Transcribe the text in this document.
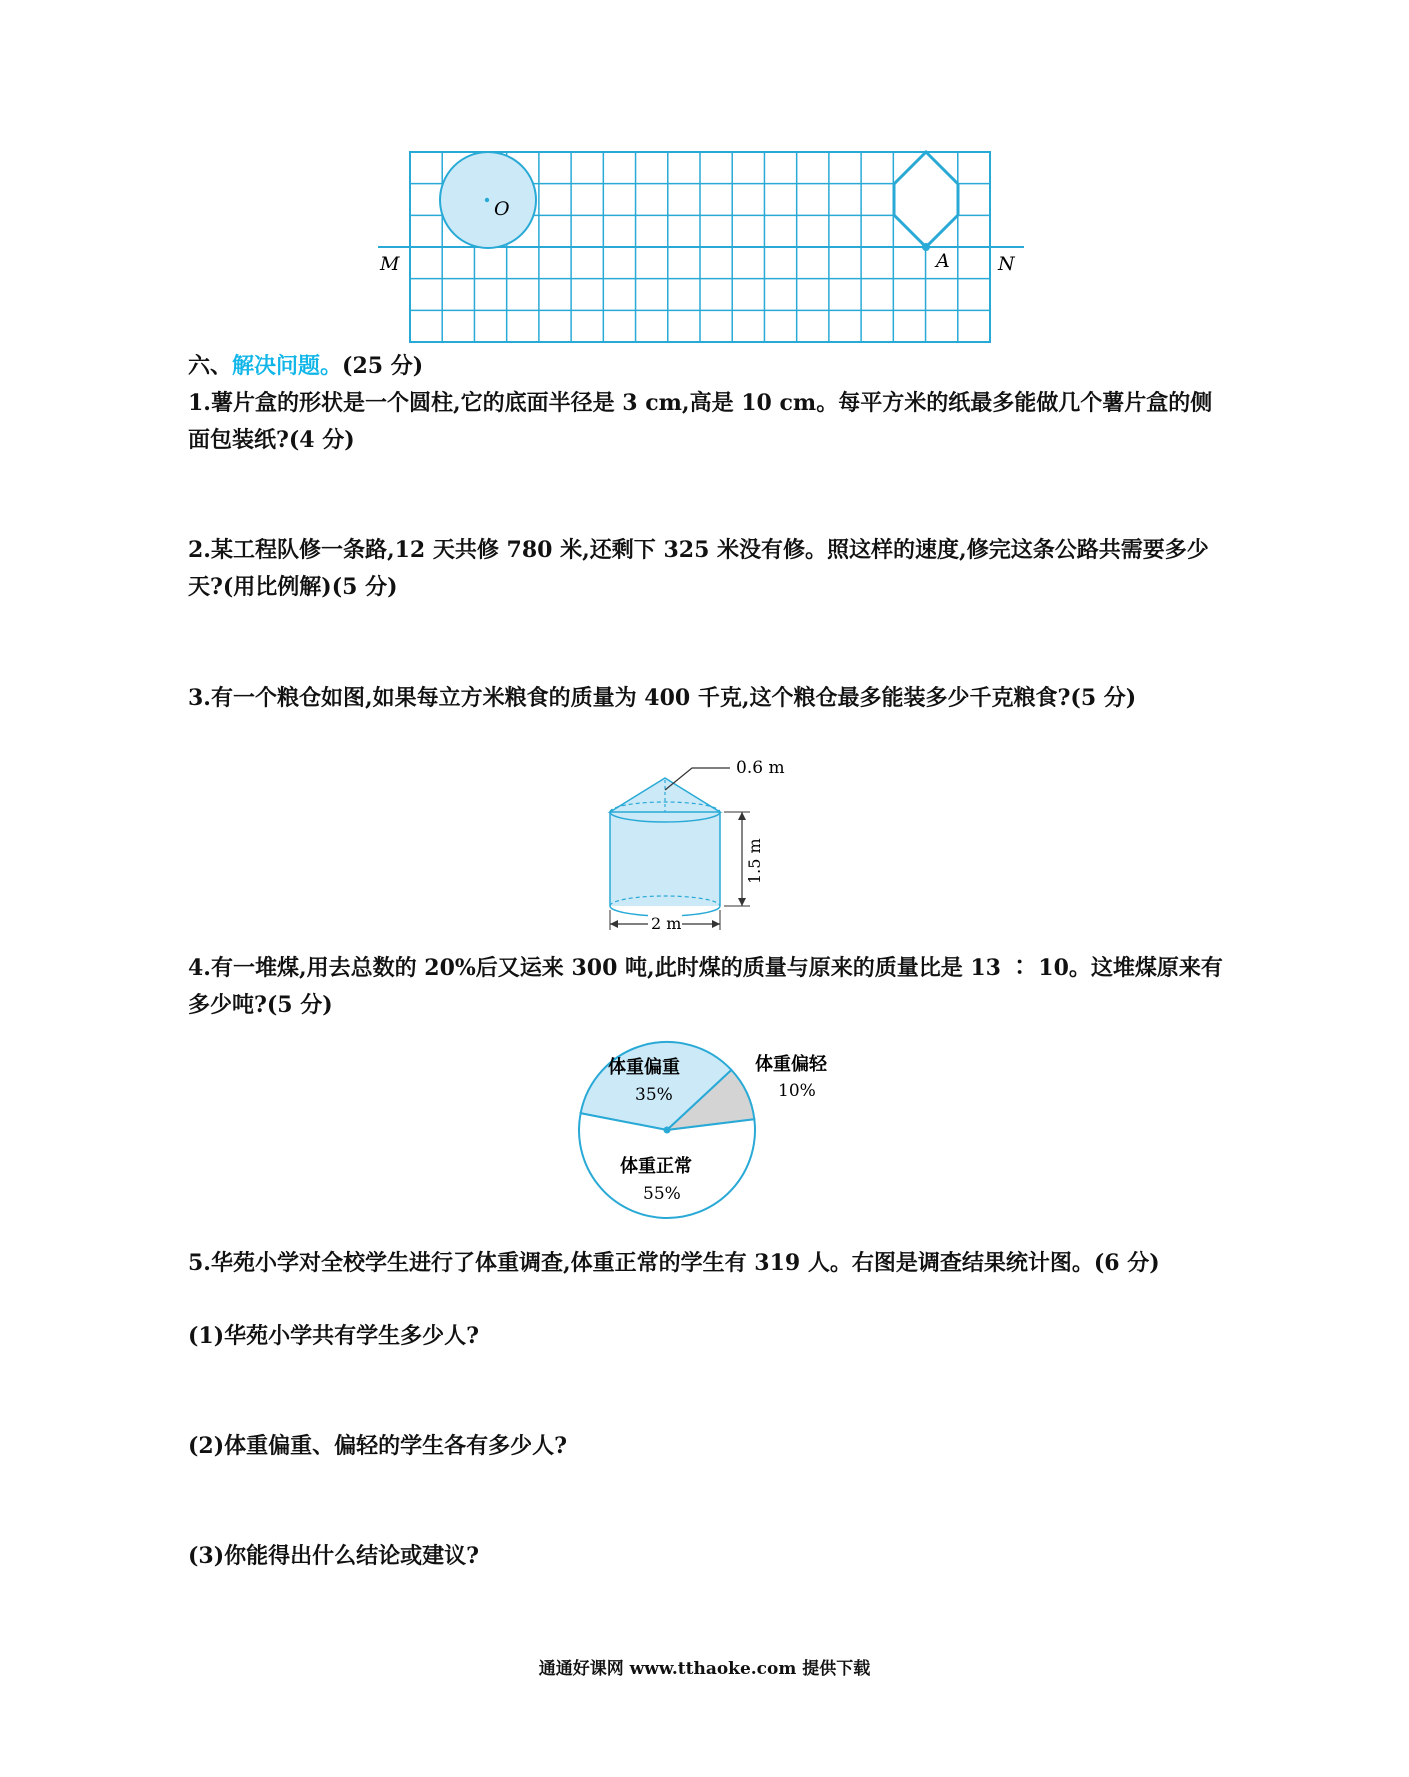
O
A
M	N
六、解决问题。(25 分)
1.薯片盒的形状是一个圆柱,它的底面半径是 3 cm,高是 10 cm。每平方米的纸最多能做几个薯片盒的侧面包装纸?(4 分)
2.某工程队修一条路,12 天共修 780 米,还剩下 325 米没有修。照这样的速度,修完这条公路共需要多少天?(用比例解)(5 分)
3.有一个粮仓如图,如果每立方米粮食的质量为 400 千克,这个粮仓最多能装多少千克粮食?(5 分)
0.6 m
1.5 m
2 m
4.有一堆煤,用去总数的 20%后又运来 300 吨,此时煤的质量与原来的质量比是 13 ∶ 10。这堆煤原来有多少吨?(5 分)
体重偏重
35%
体重偏轻
10%
体重正常
55%
5.华苑小学对全校学生进行了体重调查,体重正常的学生有 319 人。右图是调查结果统计图。(6 分)
(1)华苑小学共有学生多少人?
(2)体重偏重、偏轻的学生各有多少人?
(3)你能得出什么结论或建议?
通通好课网 www.tthaoke.com 提供下载
